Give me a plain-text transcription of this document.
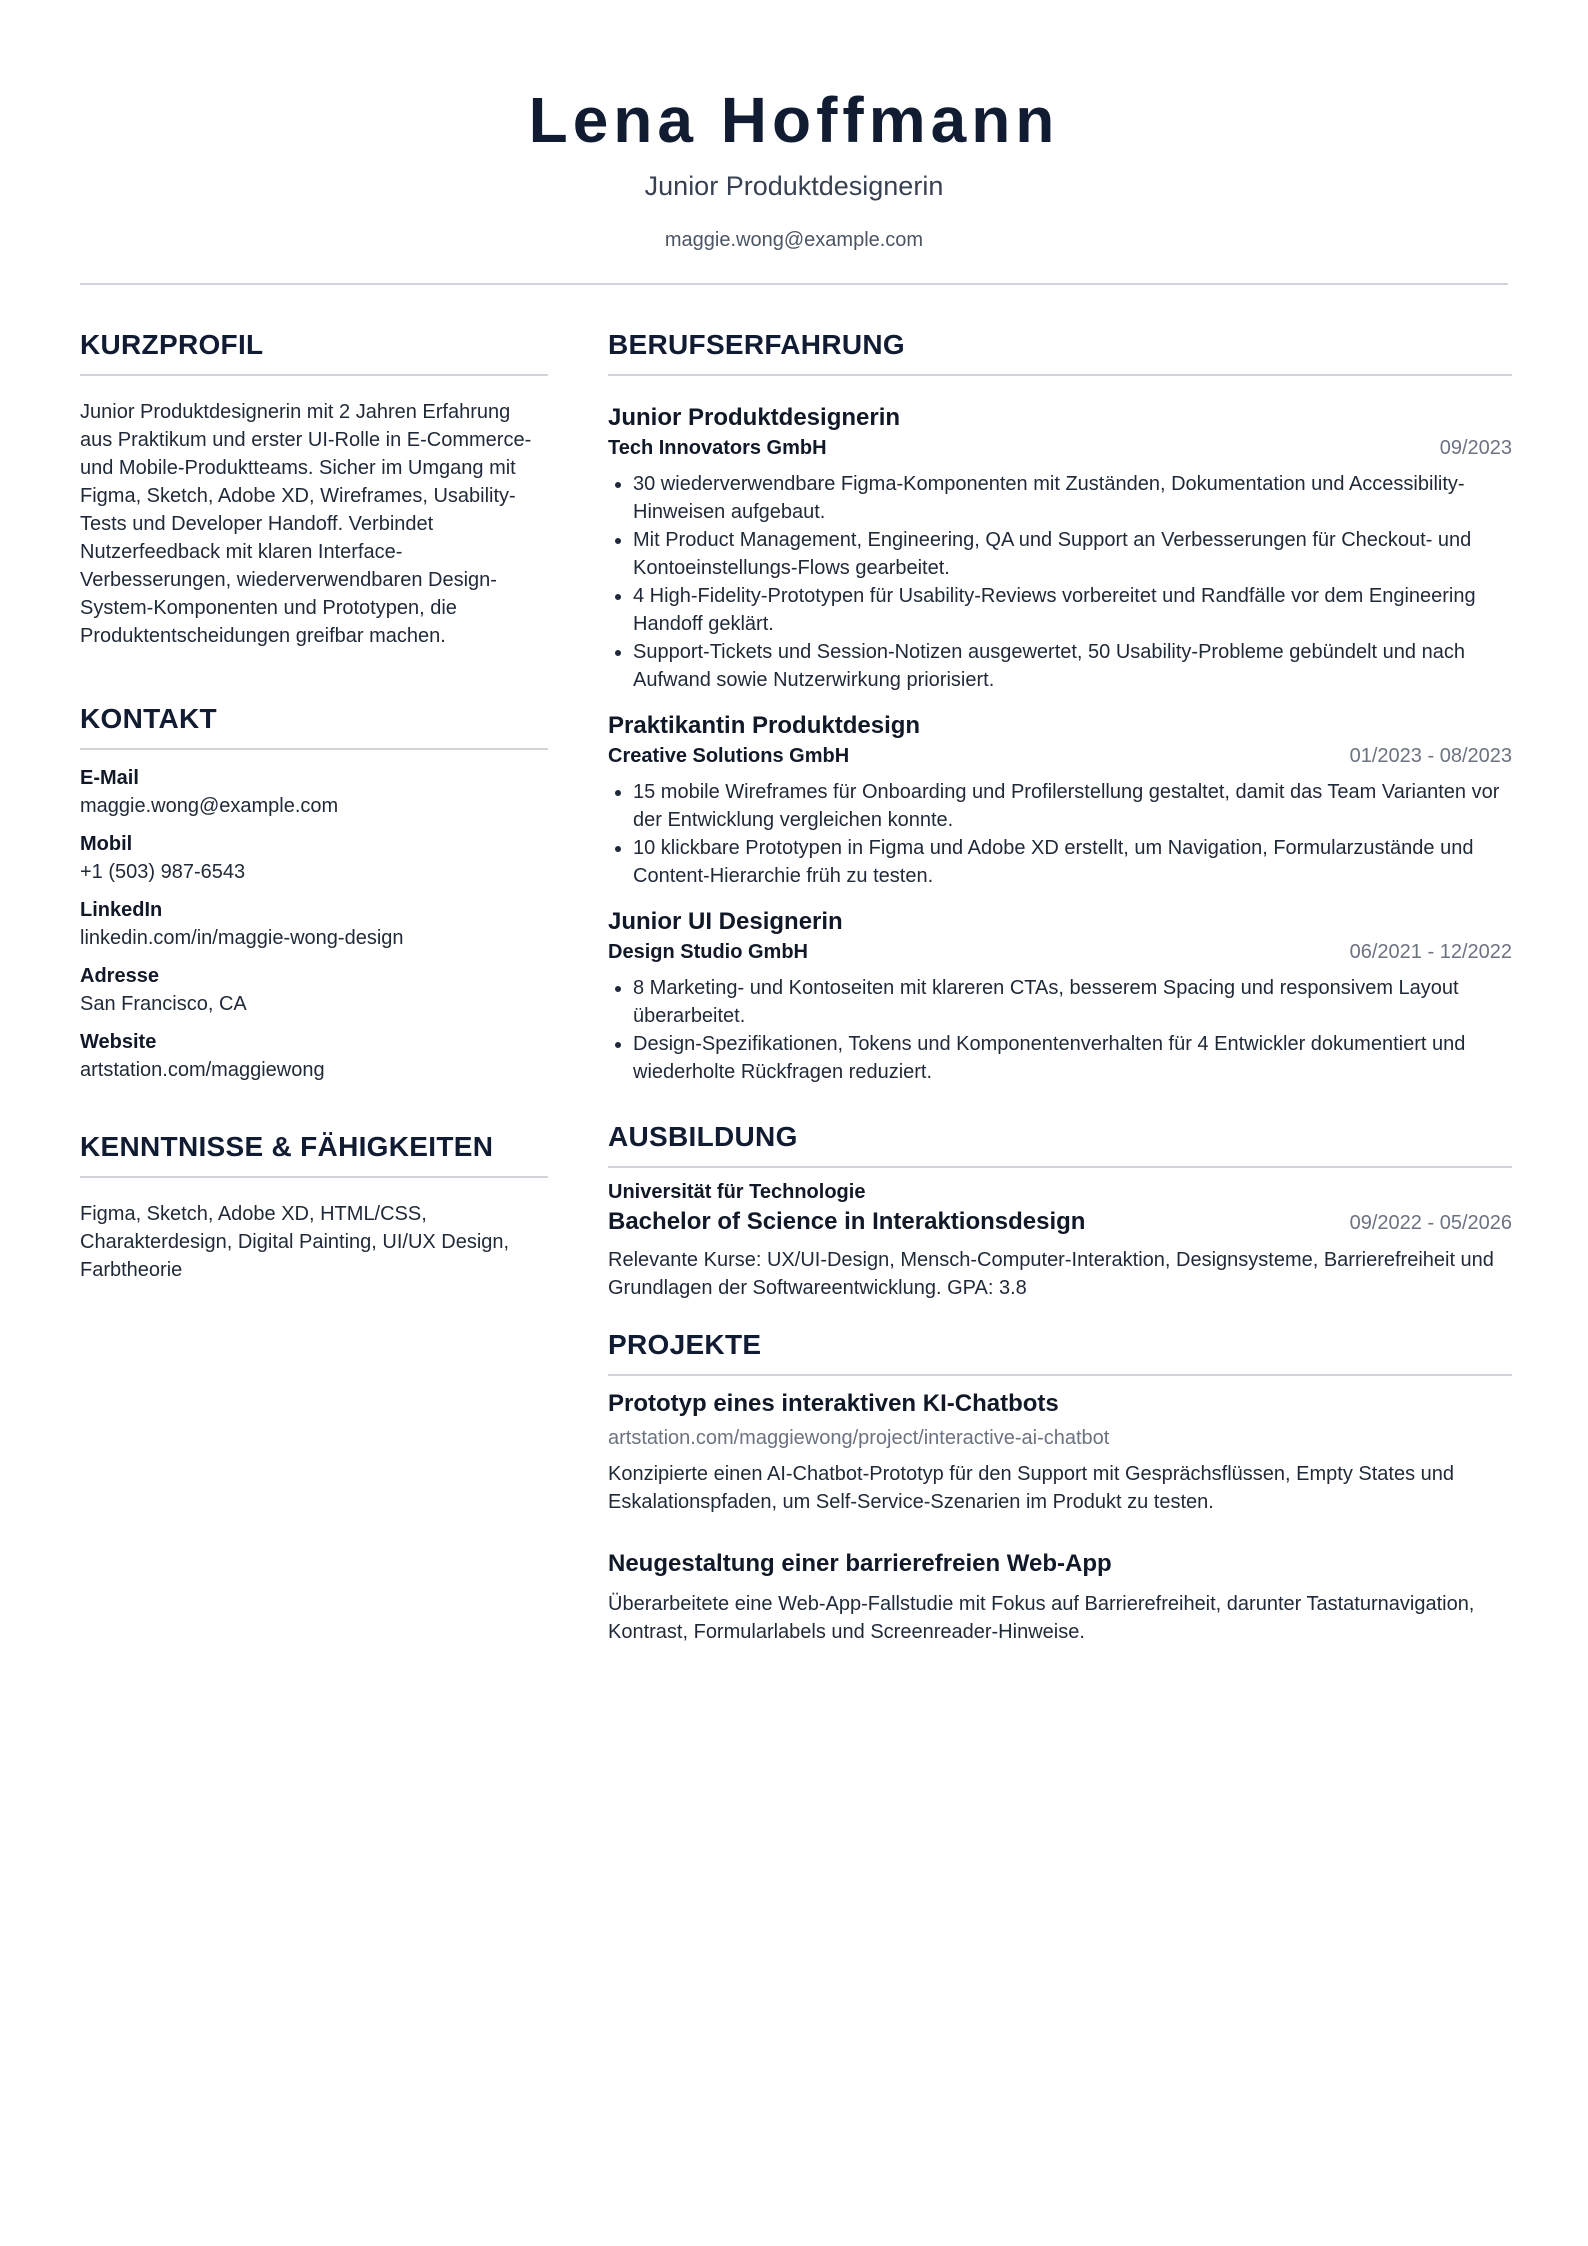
Lena Hoffmann
Junior Produktdesignerin
maggie.wong@example.com
KURZPROFIL
Junior Produktdesignerin mit 2 Jahren Erfahrung aus Praktikum und erster UI-Rolle in E-Commerce- und Mobile-Produktteams. Sicher im Umgang mit Figma, Sketch, Adobe XD, Wireframes, Usability-Tests und Developer Handoff. Verbindet Nutzerfeedback mit klaren Interface-Verbesserungen, wiederverwendbaren Design-System-Komponenten und Prototypen, die Produktentscheidungen greifbar machen.
KONTAKT
E-Mail
maggie.wong@example.com
Mobil
+1 (503) 987-6543
LinkedIn
linkedin.com/in/maggie-wong-design
Adresse
San Francisco, CA
Website
artstation.com/maggiewong
KENNTNISSE & FÄHIGKEITEN
Figma, Sketch, Adobe XD, HTML/CSS, Charakterdesign, Digital Painting, UI/UX Design, Farbtheorie
BERUFSERFAHRUNG
Junior Produktdesignerin
Tech Innovators GmbH	09/2023
• 30 wiederverwendbare Figma-Komponenten mit Zuständen, Dokumentation und Accessibility-Hinweisen aufgebaut.
• Mit Product Management, Engineering, QA und Support an Verbesserungen für Checkout- und Kontoeinstellungs-Flows gearbeitet.
• 4 High-Fidelity-Prototypen für Usability-Reviews vorbereitet und Randfälle vor dem Engineering Handoff geklärt.
• Support-Tickets und Session-Notizen ausgewertet, 50 Usability-Probleme gebündelt und nach Aufwand sowie Nutzerwirkung priorisiert.
Praktikantin Produktdesign
Creative Solutions GmbH	01/2023 - 08/2023
• 15 mobile Wireframes für Onboarding und Profilerstellung gestaltet, damit das Team Varianten vor der Entwicklung vergleichen konnte.
• 10 klickbare Prototypen in Figma und Adobe XD erstellt, um Navigation, Formularzustände und Content-Hierarchie früh zu testen.
Junior UI Designerin
Design Studio GmbH	06/2021 - 12/2022
• 8 Marketing- und Kontoseiten mit klareren CTAs, besserem Spacing und responsivem Layout überarbeitet.
• Design-Spezifikationen, Tokens und Komponentenverhalten für 4 Entwickler dokumentiert und wiederholte Rückfragen reduziert.
AUSBILDUNG
Universität für Technologie
Bachelor of Science in Interaktionsdesign	09/2022 - 05/2026
Relevante Kurse: UX/UI-Design, Mensch-Computer-Interaktion, Designsysteme, Barrierefreiheit und Grundlagen der Softwareentwicklung. GPA: 3.8
PROJEKTE
Prototyp eines interaktiven KI-Chatbots
artstation.com/maggiewong/project/interactive-ai-chatbot
Konzipierte einen AI-Chatbot-Prototyp für den Support mit Gesprächsflüssen, Empty States und Eskalationspfaden, um Self-Service-Szenarien im Produkt zu testen.
Neugestaltung einer barrierefreien Web-App
Überarbeitete eine Web-App-Fallstudie mit Fokus auf Barrierefreiheit, darunter Tastaturnavigation, Kontrast, Formularlabels und Screenreader-Hinweise.
